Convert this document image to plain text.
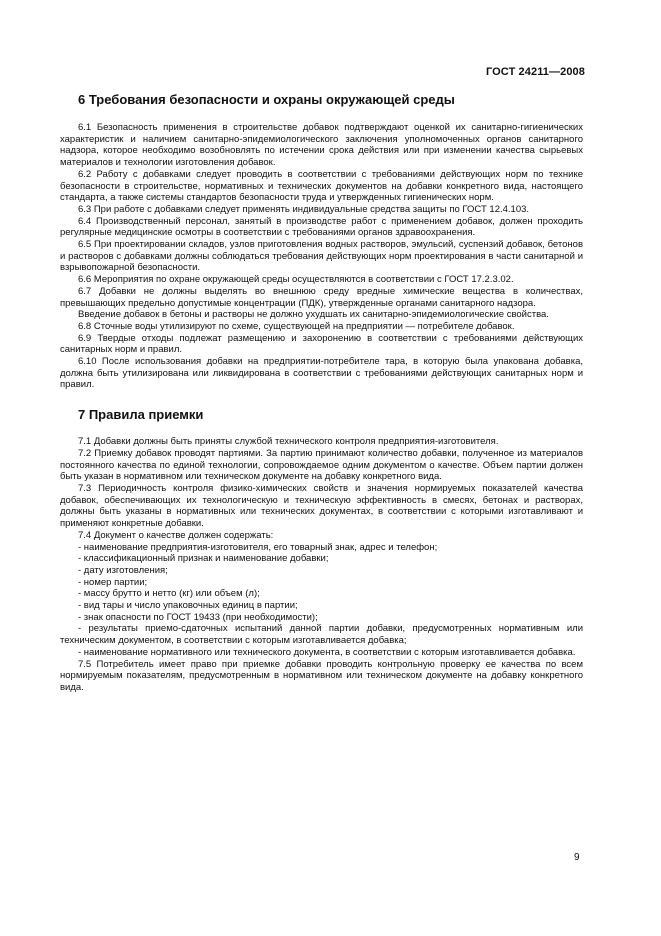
ГОСТ 24211—2008
6 Требования безопасности и охраны окружающей среды

6.1 Безопасность применения в строительстве добавок подтверждают оценкой их санитарно-гигиенических характеристик и наличием санитарно-эпидемиологического заключения уполномоченных органов санитарного надзора, которое необходимо возобновлять по истечении срока действия или при изменении качества сырьевых материалов и технологии изготовления добавок.

6.2 Работу с добавками следует проводить в соответствии с требованиями действующих норм по технике безопасности в строительстве, нормативных и технических документов на добавки конкретного вида, настоящего стандарта, а также системы стандартов безопасности труда и утвержденных гигиенических норм.

6.3 При работе с добавками следует применять индивидуальные средства защиты по ГОСТ 12.4.103.

6.4 Производственный персонал, занятый в производстве работ с применением добавок, должен проходить регулярные медицинские осмотры в соответствии с требованиями органов здравоохранения.

6.5 При проектировании складов, узлов приготовления водных растворов, эмульсий, суспензий добавок, бетонов и растворов с добавками должны соблюдаться требования действующих норм проектирования в части санитарной и взрывопожарной безопасности.

6.6 Мероприятия по охране окружающей среды осуществляются в соответствии с ГОСТ 17.2.3.02.

6.7 Добавки не должны выделять во внешнюю среду вредные химические вещества в количествах, превышающих предельно допустимые концентрации (ПДК), утвержденные органами санитарного надзора.

Введение добавок в бетоны и растворы не должно ухудшать их санитарно-эпидемиологические свойства.

6.8 Сточные воды утилизируют по схеме, существующей на предприятии — потребителе добавок.

6.9 Твердые отходы подлежат размещению и захоронению в соответствии с требованиями действующих санитарных норм и правил.

6.10 После использования добавки на предприятии-потребителе тара, в которую была упакована добавка, должна быть утилизирована или ликвидирована в соответствии с требованиями действующих санитарных норм и правил.

7 Правила приемки

7.1 Добавки должны быть приняты службой технического контроля предприятия-изготовителя.

7.2 Приемку добавок проводят партиями. За партию принимают количество добавки, полученное из материалов постоянного качества по единой технологии, сопровождаемое одним документом о качестве. Объем партии должен быть указан в нормативном или техническом документе на добавку конкретного вида.

7.3 Периодичность контроля физико-химических свойств и значения нормируемых показателей качества добавок, обеспечивающих их технологическую и техническую эффективность в смесях, бетонах и растворах, должны быть указаны в нормативных или технических документах, в соответствии с которыми изготавливают и применяют конкретные добавки.

7.4 Документ о качестве должен содержать:

- наименование предприятия-изготовителя, его товарный знак, адрес и телефон;

- классификационный признак и наименование добавки;

- дату изготовления;

- номер партии;

- массу брутто и нетто (кг) или объем (л);

- вид тары и число упаковочных единиц в партии;

- знак опасности по ГОСТ 19433 (при необходимости);

- результаты приемо-сдаточных испытаний данной партии добавки, предусмотренных нормативным или техническим документом, в соответствии с которым изготавливается добавка;

- наименование нормативного или технического документа, в соответствии с которым изготавливается добавка.

7.5 Потребитель имеет право при приемке добавки проводить контрольную проверку ее качества по всем нормируемым показателям, предусмотренным в нормативном или техническом документе на добавку конкретного вида.

9
